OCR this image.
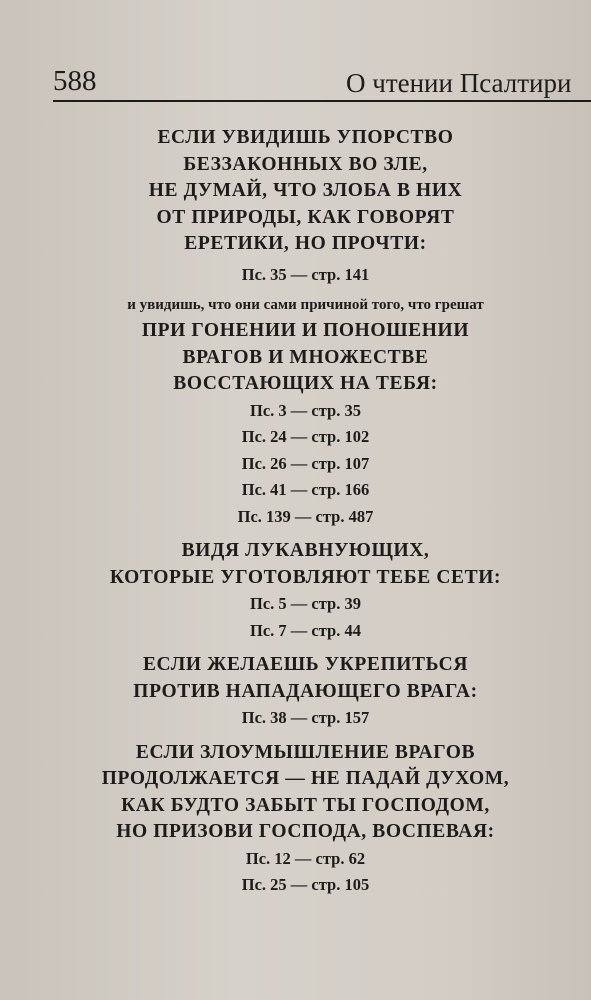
588	О чтении Псалтири
ЕСЛИ УВИДИШЬ УПОРСТВО
БЕЗЗАКОННЫХ ВО ЗЛЕ,
НЕ ДУМАЙ, ЧТО ЗЛОБА В НИХ
ОТ ПРИРОДЫ, КАК ГОВОРЯТ
ЕРЕТИКИ, НО ПРОЧТИ:
Пс. 35 — стр. 141
и увидишь, что они сами причиной того, что грешат
ПРИ ГОНЕНИИ И ПОНОШЕНИИ
ВРАГОВ И МНОЖЕСТВЕ
ВОССТАЮЩИХ НА ТЕБЯ:
Пс. 3 — стр. 35
Пс. 24 — стр. 102
Пс. 26 — стр. 107
Пс. 41 — стр. 166
Пс. 139 — стр. 487
ВИДЯ ЛУКАВНУЮЩИХ,
КОТОРЫЕ УГОТОВЛЯЮТ ТЕБЕ СЕТИ:
Пс. 5 — стр. 39
Пс. 7 — стр. 44
ЕСЛИ ЖЕЛАЕШЬ УКРЕПИТЬСЯ
ПРОТИВ НАПАДАЮЩЕГО ВРАГА:
Пс. 38 — стр. 157
ЕСЛИ ЗЛОУМЫШЛЕНИЕ ВРАГОВ
ПРОДОЛЖАЕТСЯ — НЕ ПАДАЙ ДУХОМ,
КАК БУДТО ЗАБЫТ ТЫ ГОСПОДОМ,
НО ПРИЗОВИ ГОСПОДА, ВОСПЕВАЯ:
Пс. 12 — стр. 62
Пс. 25 — стр. 105
